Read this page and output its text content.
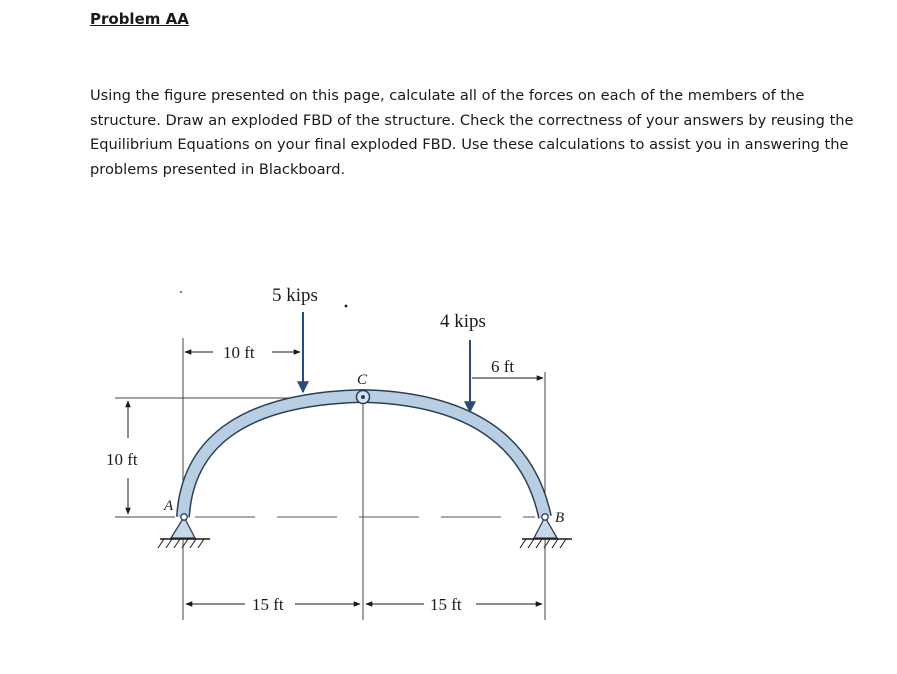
Problem AA
Using the figure presented on this page, calculate all of the forces on each of the members of the structure. Draw an exploded FBD of the structure. Check the correctness of your answers by reusing the Equilibrium Equations on your final exploded FBD. Use these calculations to assist you in answering the problems presented in Blackboard.
C
A
B
5 kips
4 kips
10 ft
6 ft
10 ft
15 ft	15 ft
